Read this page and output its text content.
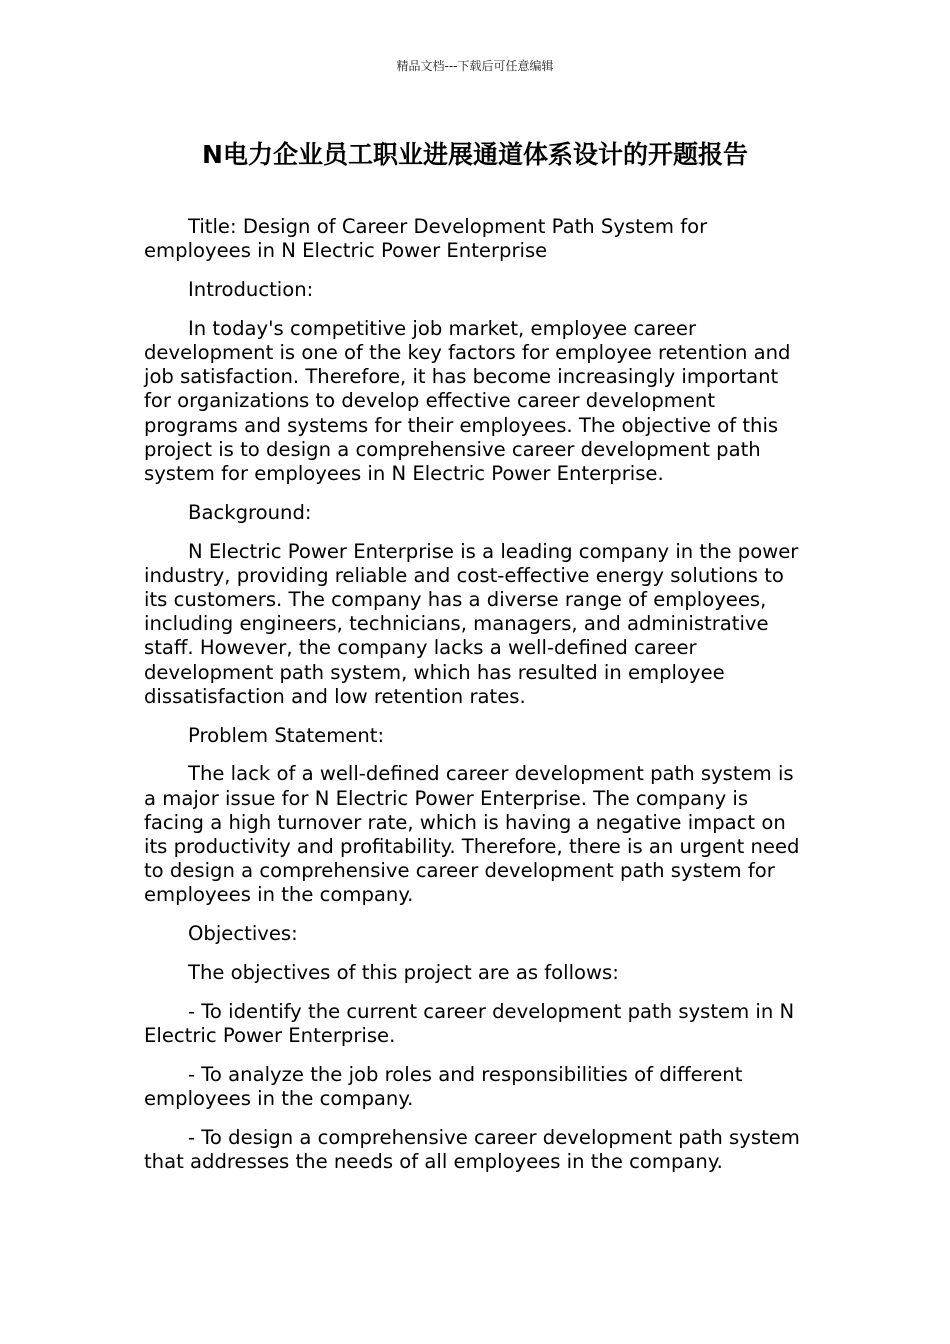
精品文档---下载后可任意编辑
N电力企业员工职业进展通道体系设计的开题报告

Title: Design of Career Development Path System for employees in N Electric Power Enterprise

Introduction:

In today's competitive job market, employee career development is one of the key factors for employee retention and job satisfaction. Therefore, it has become increasingly important for organizations to develop effective career development programs and systems for their employees. The objective of this project is to design a comprehensive career development path system for employees in N Electric Power Enterprise.

Background:

N Electric Power Enterprise is a leading company in the power industry, providing reliable and cost-effective energy solutions to its customers. The company has a diverse range of employees, including engineers, technicians, managers, and administrative staff. However, the company lacks a well-defined career development path system, which has resulted in employee dissatisfaction and low retention rates.

Problem Statement:

The lack of a well-defined career development path system is a major issue for N Electric Power Enterprise. The company is facing a high turnover rate, which is having a negative impact on its productivity and profitability. Therefore, there is an urgent need to design a comprehensive career development path system for employees in the company.

Objectives:

The objectives of this project are as follows:

- To identify the current career development path system in N Electric Power Enterprise.

- To analyze the job roles and responsibilities of different employees in the company.

- To design a comprehensive career development path system that addresses the needs of all employees in the company.
